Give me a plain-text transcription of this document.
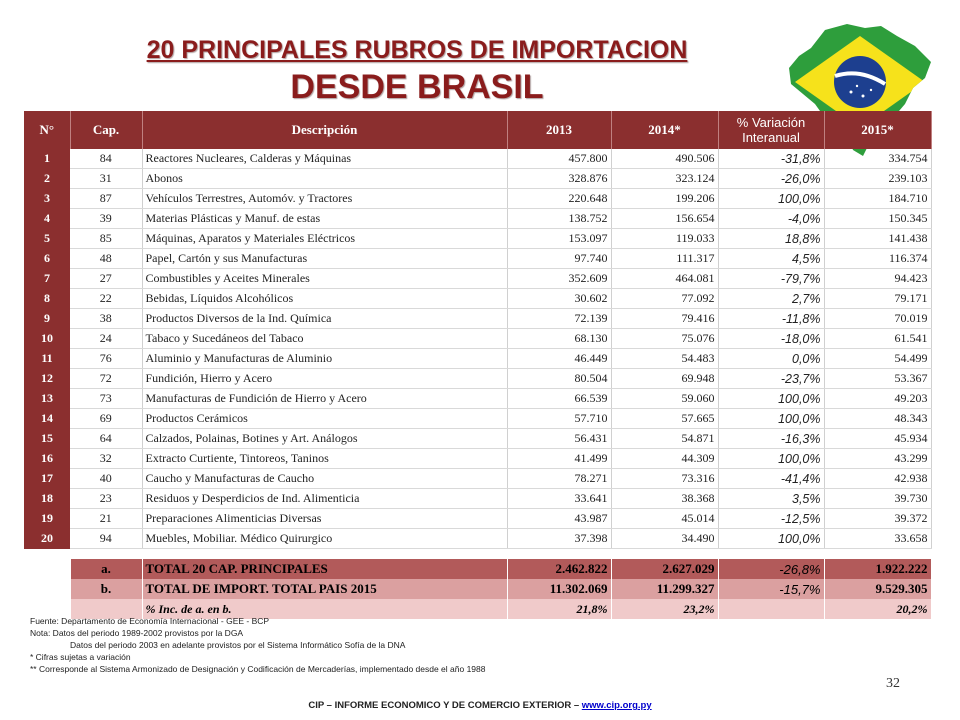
20 PRINCIPALES RUBROS DE IMPORTACION
DESDE BRASIL
N°	Cap.	Descripción	2013	2014*	% Variación Interanual	2015*
1	84	Reactores Nucleares, Calderas y Máquinas	457.800	490.506	-31,8%	334.754
2	31	Abonos	328.876	323.124	-26,0%	239.103
3	87	Vehículos Terrestres, Automóv. y Tractores	220.648	199.206	100,0%	184.710
4	39	Materias Plásticas y Manuf. de estas	138.752	156.654	-4,0%	150.345
5	85	Máquinas, Aparatos y Materiales Eléctricos	153.097	119.033	18,8%	141.438
6	48	Papel, Cartón y sus Manufacturas	97.740	111.317	4,5%	116.374
7	27	Combustibles y Aceites Minerales	352.609	464.081	-79,7%	94.423
8	22	Bebidas, Líquidos Alcohólicos	30.602	77.092	2,7%	79.171
9	38	Productos Diversos de la Ind. Química	72.139	79.416	-11,8%	70.019
10	24	Tabaco y Sucedáneos del Tabaco	68.130	75.076	-18,0%	61.541
11	76	Aluminio y Manufacturas de Aluminio	46.449	54.483	0,0%	54.499
12	72	Fundición, Hierro y Acero	80.504	69.948	-23,7%	53.367
13	73	Manufacturas de Fundición de Hierro y Acero	66.539	59.060	100,0%	49.203
14	69	Productos Cerámicos	57.710	57.665	100,0%	48.343
15	64	Calzados, Polainas, Botines y Art. Análogos	56.431	54.871	-16,3%	45.934
16	32	Extracto Curtiente, Tintoreos, Taninos	41.499	44.309	100,0%	43.299
17	40	Caucho y Manufacturas de Caucho	78.271	73.316	-41,4%	42.938
18	23	Residuos y Desperdicios de Ind. Alimenticia	33.641	38.368	3,5%	39.730
19	21	Preparaciones Alimenticias Diversas	43.987	45.014	-12,5%	39.372
20	94	Muebles, Mobiliar. Médico Quirurgico	37.398	34.490	100,0%	33.658

	a.	TOTAL 20 CAP. PRINCIPALES	2.462.822	2.627.029	-26,8%	1.922.222
	b.	TOTAL DE IMPORT. TOTAL PAIS 2015	11.302.069	11.299.327	-15,7%	9.529.305
		% Inc. de a. en b.	21,8%	23,2%		20,2%
Fuente: Departamento de Economía Internacional - GEE - BCP
Nota: Datos del periodo 1989-2002 provistos por la DGA
Datos del periodo 2003 en adelante provistos por el Sistema Informático Sofía de la DNA
* Cifras sujetas a variación
** Corresponde al Sistema Armonizado de Designación y Codificación de Mercaderías, implementado desde el año 1988
32
CIP – INFORME ECONOMICO Y DE COMERCIO EXTERIOR – www.cip.org.py
